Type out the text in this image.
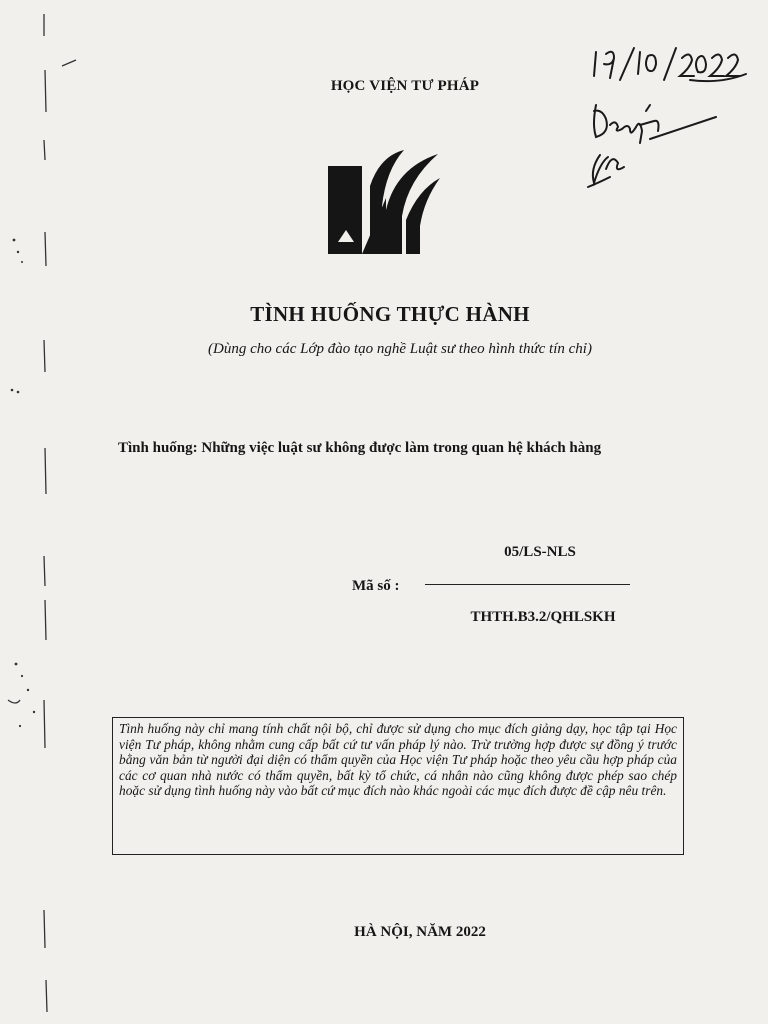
HỌC VIỆN TƯ PHÁP
TÌNH HUỐNG THỰC HÀNH
(Dùng cho các Lớp đào tạo nghề Luật sư theo hình thức tín chỉ)
Tình huống: Những việc luật sư không được làm trong quan hệ khách hàng
05/LS-NLS
Mã số :
THTH.B3.2/QHLSKH
Tình huống này chỉ mang tính chất nội bộ, chỉ được sử dụng cho mục đích giảng dạy, học tập tại Học viện Tư pháp, không nhằm cung cấp bất cứ tư vấn pháp lý nào. Trừ trường hợp được sự đồng ý trước bằng văn bản từ người đại diện có thẩm quyền của Học viện Tư pháp hoặc theo yêu cầu hợp pháp của các cơ quan nhà nước có thẩm quyền, bất kỳ tổ chức, cá nhân nào cũng không được phép sao chép hoặc sử dụng tình huống này vào bất cứ mục đích nào khác ngoài các mục đích được đề cập nêu trên.
HÀ NỘI, NĂM 2022
